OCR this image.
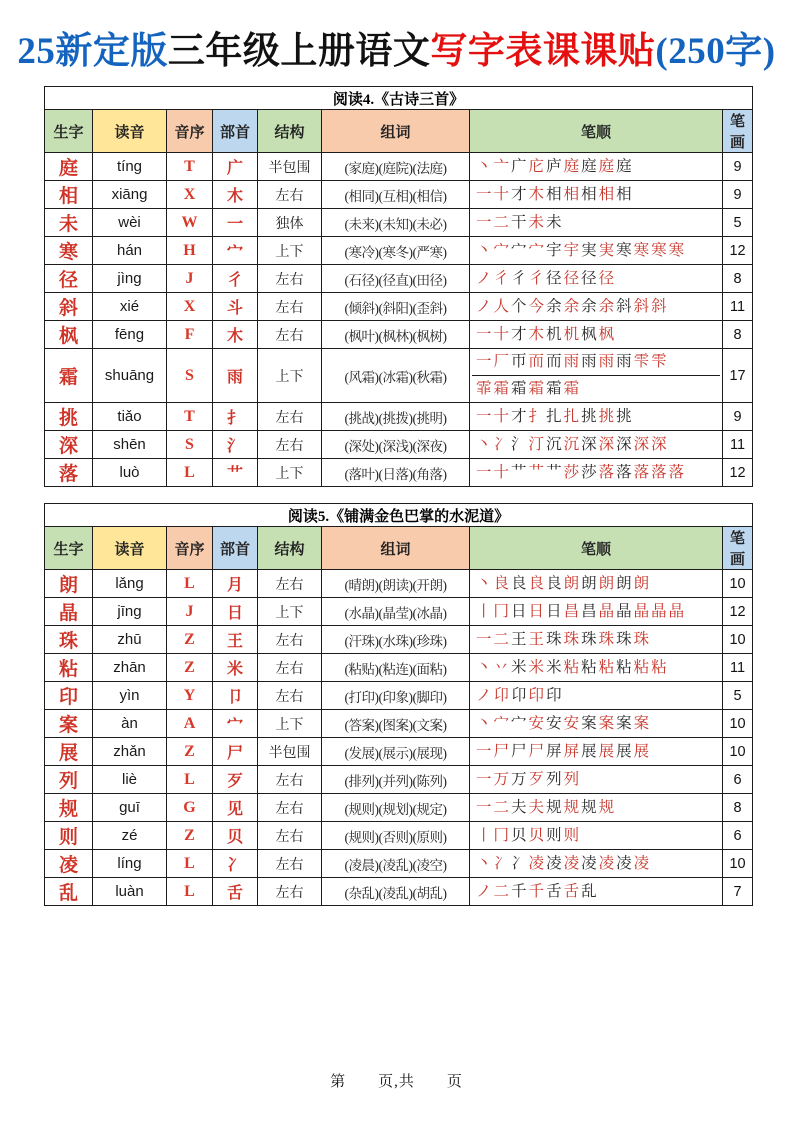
25新定版三年级上册语文写字表课课贴(250字)
阅读4.《古诗三首》							
生字	读音	音序	部首	结构	组词	笔顺	笔画
庭	tíng	T	广	半包围	(家庭)(庭院)(法庭)	丶亠广庀庐庭庭庭庭	9
相	xiāng	X	木	左右	(相同)(互相)(相信)	一十才木相相相相相	9
未	wèi	W	一	独体	(未来)(未知)(未必)	一二干未未	5
寒	hán	H	宀	上下	(寒冷)(寒冬)(严寒)	丶宀宀宀宇宇実実寒寒寒寒	12
径	jìng	J	彳	左右	(石径)(径直)(田径)	ノ彳彳彳径径径径	8
斜	xié	X	斗	左右	(倾斜)(斜阳)(歪斜)	ノ人个今余余余余斜斜斜	11
枫	fēng	F	木	左右	(枫叶)(枫林)(枫树)	一十才木机机枫枫	8
霜	shuāng	S	雨	上下	(风霜)(冰霜)(秋霜)	一厂帀而而雨雨雨雨雫雫
霏霜霜霜霜霜	17
挑	tiǎo	T	扌	左右	(挑战)(挑拨)(挑明)	一十才扌扎扎挑挑挑	9
深	shēn	S	氵	左右	(深处)(深浅)(深夜)	丶冫氵汀沉沉深深深深深	11
落	luò	L	艹	上下	(落叶)(日落)(角落)	一十艹艹艹莎莎落落落落落	12
阅读5.《铺满金色巴掌的水泥道》							
生字	读音	音序	部首	结构	组词	笔顺	笔画
朗	lǎng	L	月	左右	(晴朗)(朗读)(开朗)	丶良良良良朗朗朗朗朗	10
晶	jīng	J	日	上下	(水晶)(晶莹)(冰晶)	丨冂日日日昌昌晶晶晶晶晶	12
珠	zhū	Z	王	左右	(汗珠)(水珠)(珍珠)	一二王王珠珠珠珠珠珠	10
粘	zhān	Z	米	左右	(粘贴)(粘连)(面粘)	丶丷米米米粘粘粘粘粘粘	11
印	yìn	Y	卩	左右	(打印)(印象)(脚印)	ノ卬卬印印	5
案	àn	A	宀	上下	(答案)(图案)(文案)	丶宀宀安安安案案案案	10
展	zhǎn	Z	尸	半包围	(发展)(展示)(展现)	一尸尸尸屏屏展展展展	10
列	liè	L	歹	左右	(排列)(并列)(陈列)	一万万歹列列	6
规	guī	G	见	左右	(规则)(规划)(规定)	一二夫夫规规规规	8
则	zé	Z	贝	左右	(规则)(否则)(原则)	丨冂贝贝则则	6
凌	líng	L	冫	左右	(凌晨)(凌乱)(凌空)	丶冫冫凌凌凌凌凌凌凌	10
乱	luàn	L	舌	左右	(杂乱)(凌乱)(胡乱)	ノ二千千舌舌乱	7
第　　页,共　　页
